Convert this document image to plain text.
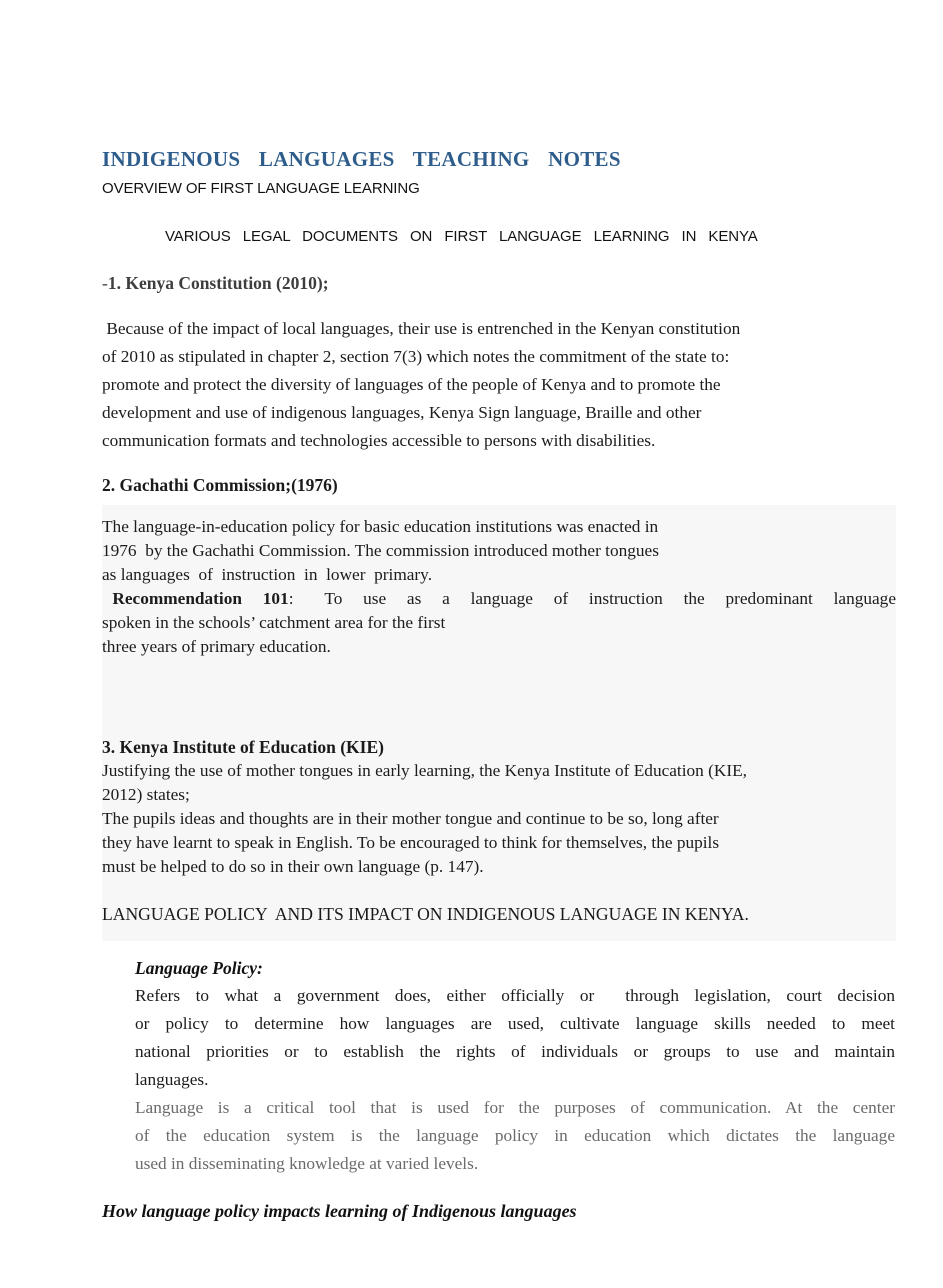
INDIGENOUS LANGUAGES TEACHING NOTES
OVERVIEW OF FIRST LANGUAGE LEARNING
VARIOUS LEGAL DOCUMENTS ON FIRST LANGUAGE LEARNING IN KENYA
-1. Kenya Constitution (2010);
Because of the impact of local languages, their use is entrenched in the Kenyan constitution
of 2010 as stipulated in chapter 2, section 7(3) which notes the commitment of the state to:
promote and protect the diversity of languages of the people of Kenya and to promote the
development and use of indigenous languages, Kenya Sign language, Braille and other
communication formats and technologies accessible to persons with disabilities.
2. Gachathi Commission;(1976)
The language-in-education policy for basic education institutions was enacted in
1976  by the Gachathi Commission. The commission introduced mother tongues
as languages  of  instruction  in  lower  primary.
Recommendation  101:   To  use  as  a  language  of  instruction  the  predominant  language
spoken in the schools’ catchment area for the first
three years of primary education.
3. Kenya Institute of Education (KIE)
Justifying the use of mother tongues in early learning, the Kenya Institute of Education (KIE,
2012) states;
The pupils ideas and thoughts are in their mother tongue and continue to be so, long after
they have learnt to speak in English. To be encouraged to think for themselves, the pupils
must be helped to do so in their own language (p. 147).
LANGUAGE POLICY  AND ITS IMPACT ON INDIGENOUS LANGUAGE IN KENYA.
Language Policy:
Refers to what a government does, either officially or  through legislation, court decision
or policy to determine how languages are used, cultivate language skills needed to meet
national priorities or to establish the rights of individuals or groups to use and maintain
languages.
Language is a critical tool that is used for the purposes of communication. At the center
of the education system is the language policy in education which dictates the language
used in disseminating knowledge at varied levels.
How language policy impacts learning of Indigenous languages
